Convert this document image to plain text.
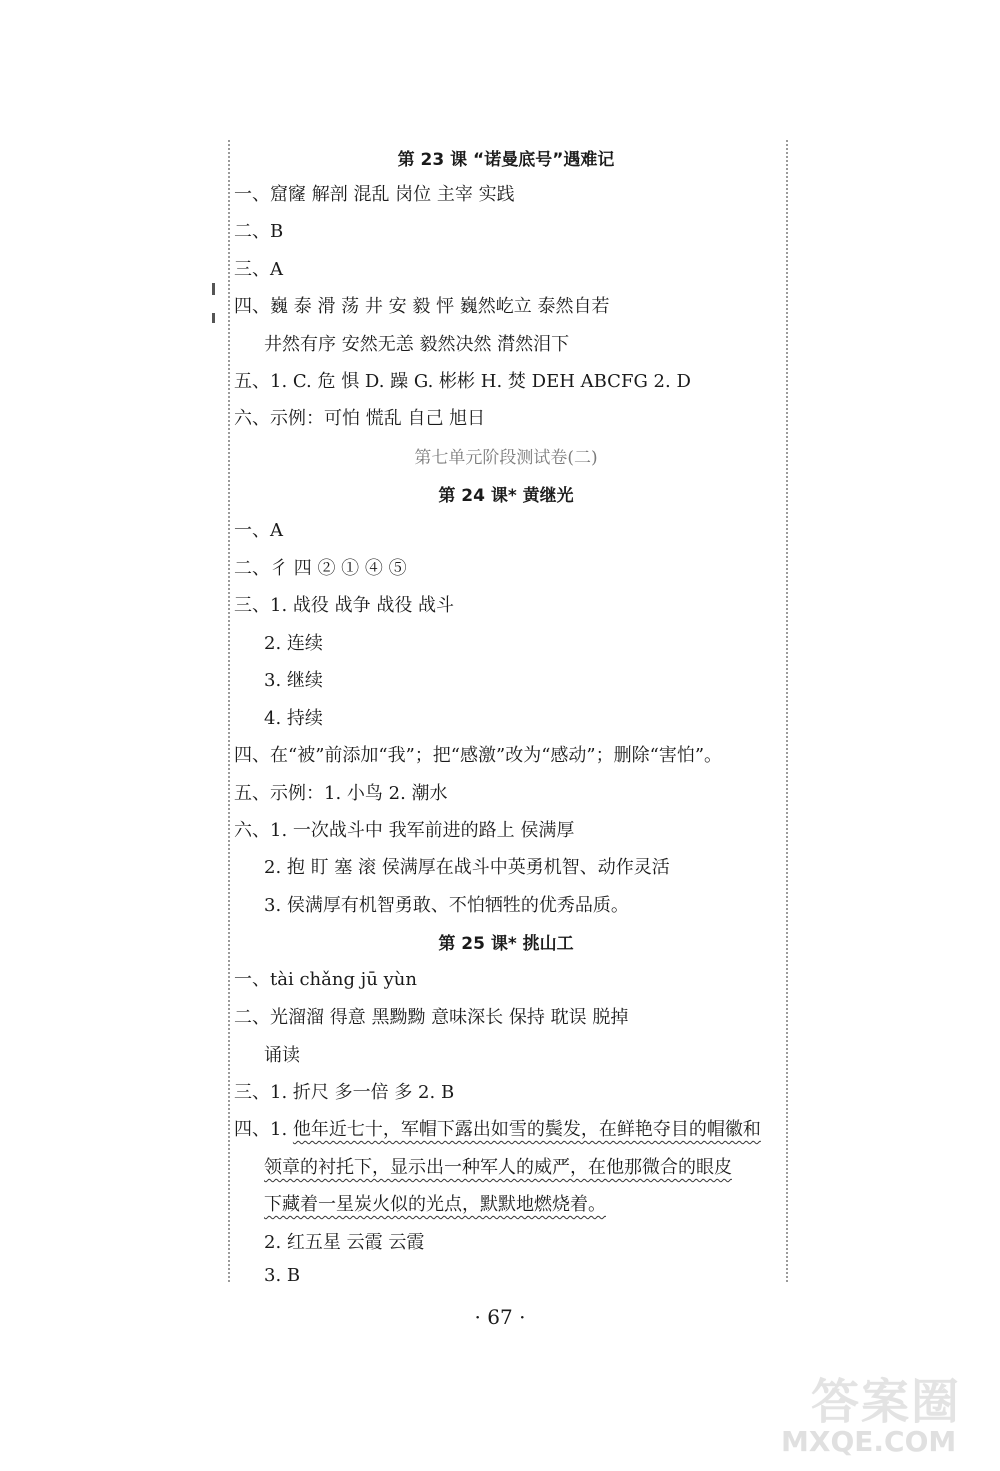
第 23 课 “诺曼底号”遇难记
一、窟窿 解剖 混乱 岗位 主宰 实践
二、B
三、A
四、巍 泰 滑 荡 井 安 毅 怦 巍然屹立 泰然自若
井然有序 安然无恙 毅然决然 潸然泪下
五、1. C. 危 惧 D. 躁 G. 彬彬 H. 焚 DEH ABCFG 2. D
六、示例：可怕 慌乱 自己 旭日
第七单元阶段测试卷(二)
第 24 课* 黄继光
一、A
二、彳 四 ② ① ④ ⑤
三、1. 战役 战争 战役 战斗
2. 连续
3. 继续
4. 持续
四、在“被”前添加“我”；把“感激”改为“感动”；删除“害怕”。
五、示例：1. 小鸟 2. 潮水
六、1. 一次战斗中 我军前进的路上 侯满厚
2. 抱 盯 塞 滚 侯满厚在战斗中英勇机智、动作灵活
3. 侯满厚有机智勇敢、不怕牺牲的优秀品质。
第 25 课* 挑山工
一、tài chǎng jū yùn
二、光溜溜 得意 黑黝黝 意味深长 保持 耽误 脱掉
诵读
三、1. 折尺 多一倍 多 2. B
四、1. 他年近七十，军帽下露出如雪的鬓发，在鲜艳夺目的帽徽和
领章的衬托下，显示出一种军人的威严，在他那微合的眼皮
下藏着一星炭火似的光点，默默地燃烧着。
2. 红五星 云霞 云霞
3. B
· 67 ·
答案圈
MXQE.COM
